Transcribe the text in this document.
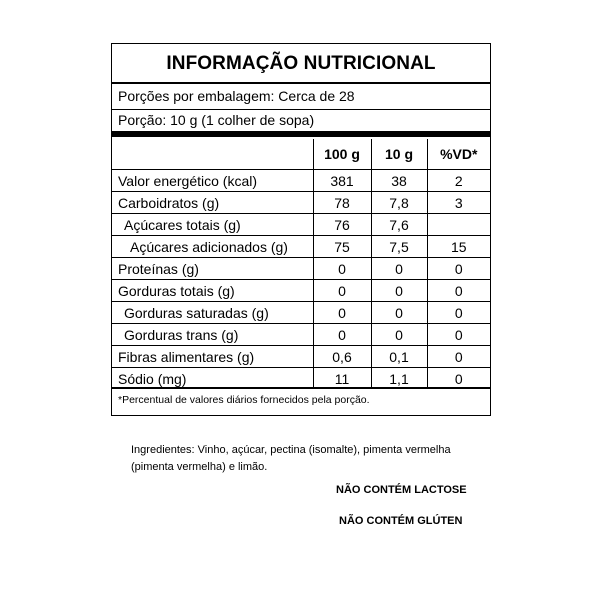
INFORMAÇÃO NUTRICIONAL
Porções por embalagem: Cerca de 28
Porção: 10 g (1 colher de sopa)
	100 g	10 g	%VD*
Valor energético (kcal)	381	38	2
Carboidratos (g)	78	7,8	3
Açúcares totais (g)	76	7,6	
Açúcares adicionados (g)	75	7,5	15
Proteínas (g)	0	0	0
Gorduras totais (g)	0	0	0
Gorduras saturadas (g)	0	0	0
Gorduras trans (g)	0	0	0
Fibras alimentares (g)	0,6	0,1	0
Sódio (mg)	11	1,1	0
*Percentual de valores diários fornecidos pela porção.
Ingredientes: Vinho, açúcar, pectina (isomalte), pimenta vermelha (pimenta vermelha) e limão.
NÃO CONTÉM LACTOSE
NÃO CONTÉM GLÚTEN
